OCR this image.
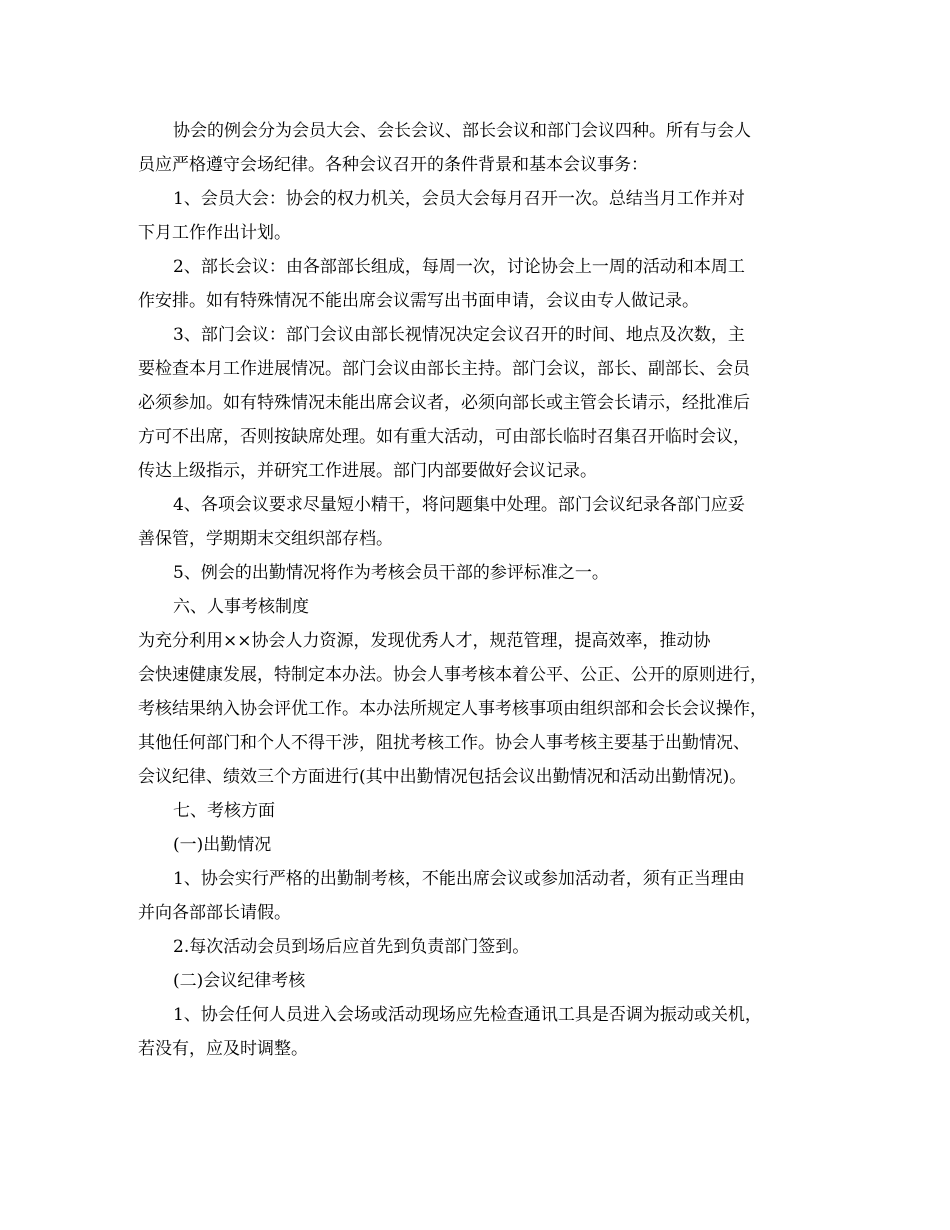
协会的例会分为会员大会、会长会议、部长会议和部门会议四种。所有与会人
员应严格遵守会场纪律。各种会议召开的条件背景和基本会议事务：
1、会员大会：协会的权力机关，会员大会每月召开一次。总结当月工作并对
下月工作作出计划。
2、部长会议：由各部部长组成，每周一次，讨论协会上一周的活动和本周工
作安排。如有特殊情况不能出席会议需写出书面申请，会议由专人做记录。
3、部门会议：部门会议由部长视情况决定会议召开的时间、地点及次数，主
要检查本月工作进展情况。部门会议由部长主持。部门会议，部长、副部长、会员
必须参加。如有特殊情况未能出席会议者，必须向部长或主管会长请示，经批准后
方可不出席，否则按缺席处理。如有重大活动，可由部长临时召集召开临时会议，
传达上级指示，并研究工作进展。部门内部要做好会议记录。
4、各项会议要求尽量短小精干，将问题集中处理。部门会议纪录各部门应妥
善保管，学期期末交组织部存档。
5、例会的出勤情况将作为考核会员干部的参评标准之一。
六、人事考核制度
为充分利用××协会人力资源，发现优秀人才，规范管理，提高效率，推动协
会快速健康发展，特制定本办法。协会人事考核本着公平、公正、公开的原则进行，
考核结果纳入协会评优工作。本办法所规定人事考核事项由组织部和会长会议操作，
其他任何部门和个人不得干涉，阻扰考核工作。协会人事考核主要基于出勤情况、
会议纪律、绩效三个方面进行(其中出勤情况包括会议出勤情况和活动出勤情况)。
七、考核方面
(一)出勤情况
1、协会实行严格的出勤制考核，不能出席会议或参加活动者，须有正当理由
并向各部部长请假。
2.每次活动会员到场后应首先到负责部门签到。
(二)会议纪律考核
1、协会任何人员进入会场或活动现场应先检查通讯工具是否调为振动或关机，
若没有，应及时调整。
